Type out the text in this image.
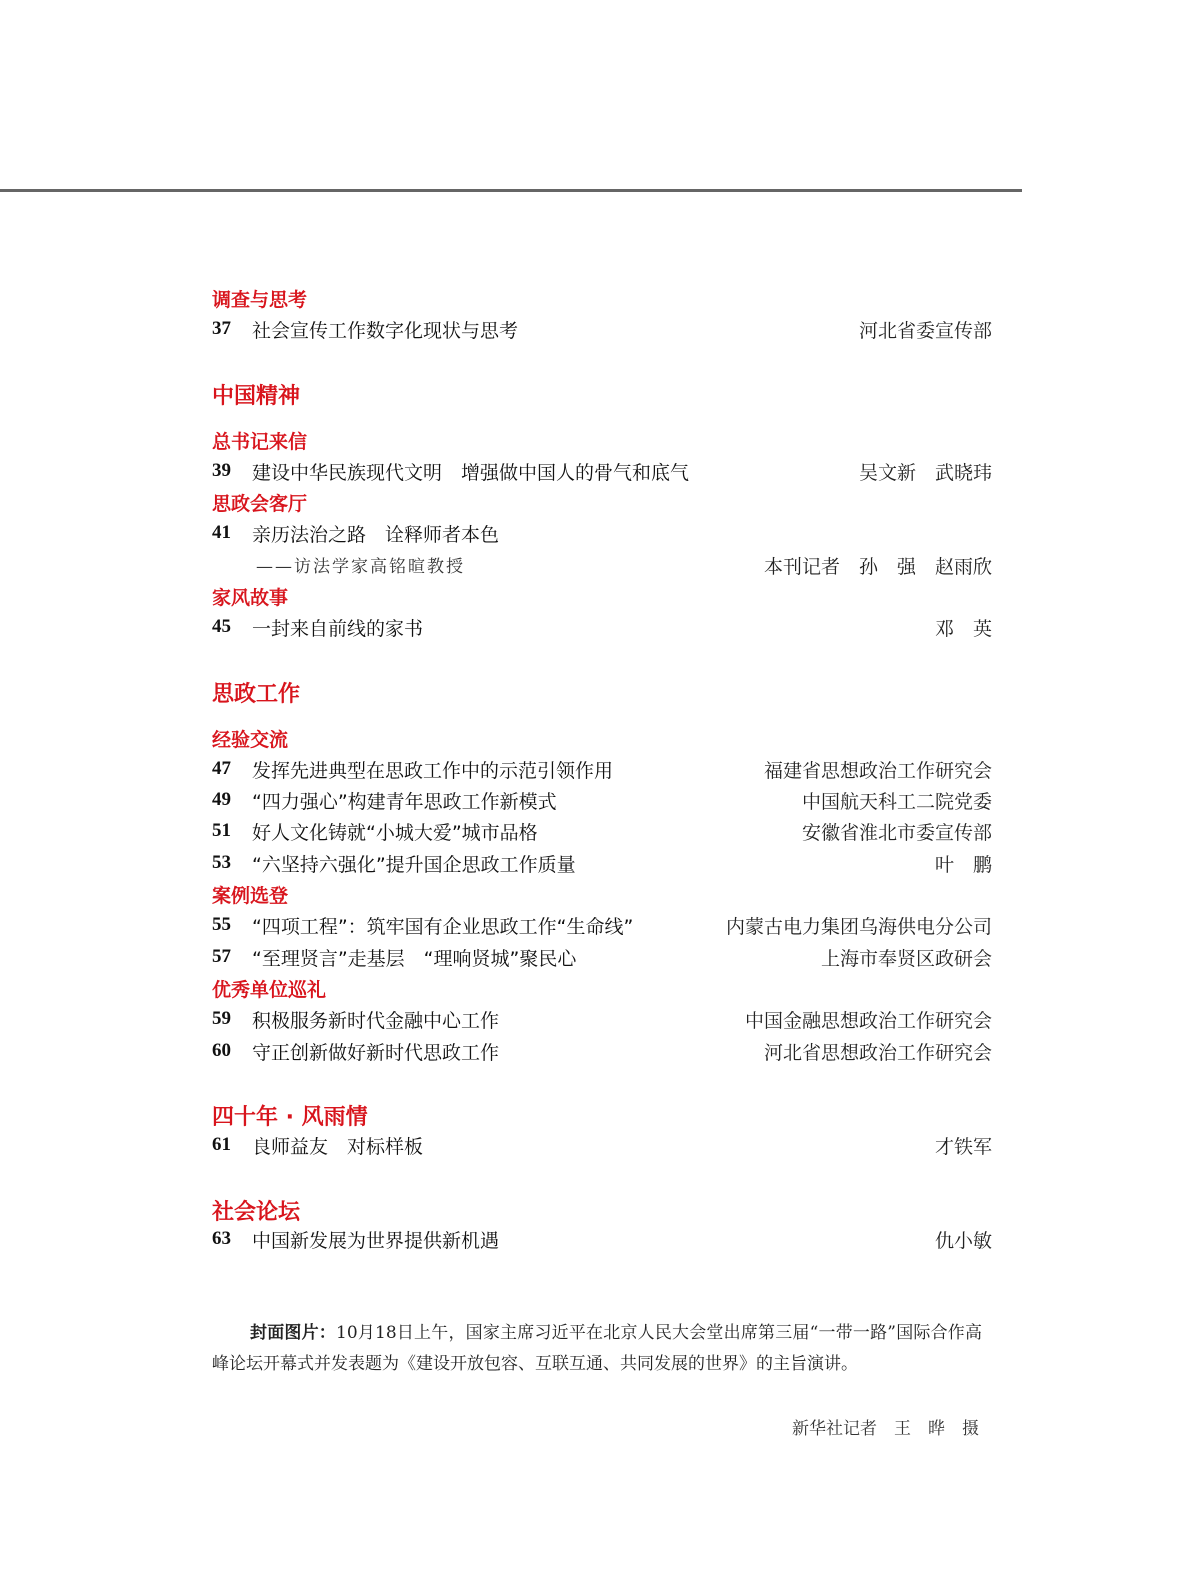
调查与思考
37 社会宣传工作数字化现状与思考	河北省委宣传部
中国精神
总书记来信
39 建设中华民族现代文明　增强做中国人的骨气和底气	吴文新　武晓玮
思政会客厅
41 亲历法治之路　诠释师者本色
——访法学家高铭暄教授	本刊记者　孙　强　赵雨欣
家风故事
45 一封来自前线的家书	邓　英
思政工作
经验交流
47 发挥先进典型在思政工作中的示范引领作用	福建省思想政治工作研究会
49 “四力强心”构建青年思政工作新模式	中国航天科工二院党委
51 好人文化铸就“小城大爱”城市品格	安徽省淮北市委宣传部
53 “六坚持六强化”提升国企思政工作质量	叶　鹏
案例选登
55 “四项工程”：筑牢国有企业思政工作“生命线”	内蒙古电力集团乌海供电分公司
57 “至理贤言”走基层　“理响贤城”聚民心	上海市奉贤区政研会
优秀单位巡礼
59 积极服务新时代金融中心工作	中国金融思想政治工作研究会
60 守正创新做好新时代思政工作	河北省思想政治工作研究会
四十年 · 风雨情
61 良师益友　对标样板	才铁军
社会论坛
63 中国新发展为世界提供新机遇	仇小敏
封面图片：10月18日上午，国家主席习近平在北京人民大会堂出席第三届“一带一路”国际合作高峰论坛开幕式并发表题为《建设开放包容、互联互通、共同发展的世界》的主旨演讲。
新华社记者　王　晔　摄
